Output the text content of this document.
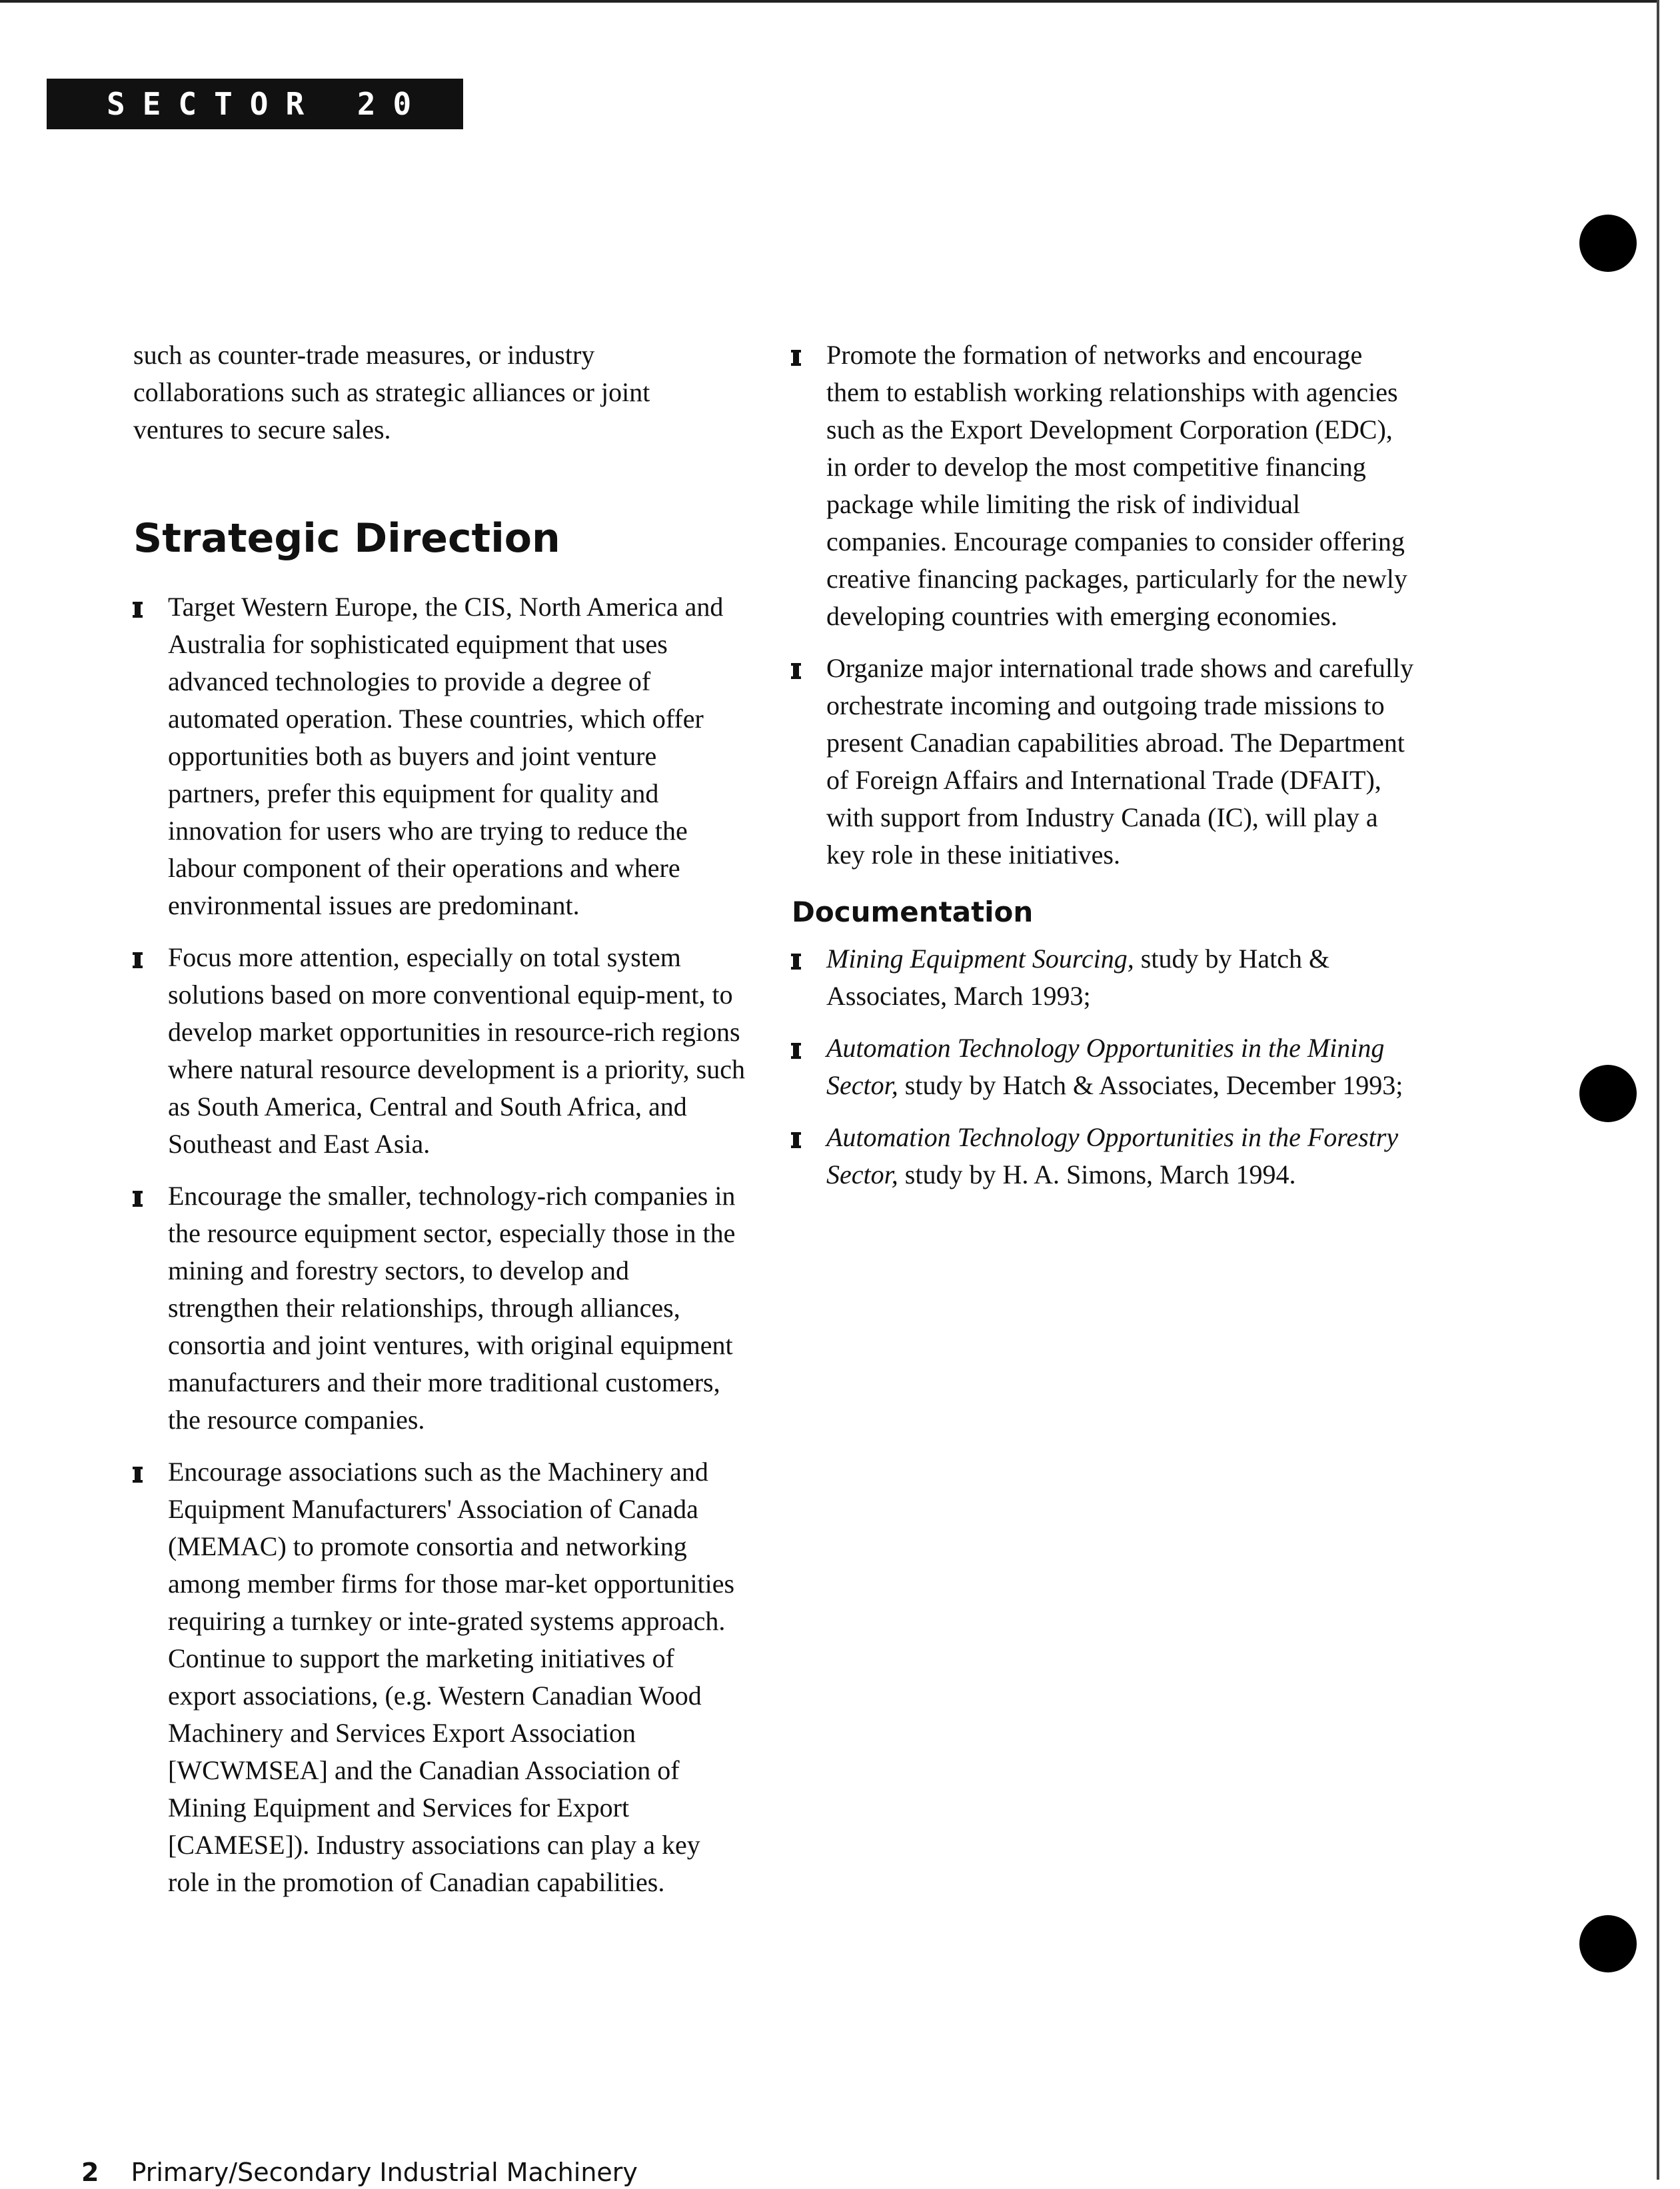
SECTOR 20

such as counter-trade measures, or industry collaborations such as strategic alliances or joint ventures to secure sales.

Strategic Direction
Target Western Europe, the CIS, North America and Australia for sophisticated equipment that uses advanced technologies to provide a degree of automated operation. These countries, which offer opportunities both as buyers and joint venture partners, prefer this equipment for quality and innovation for users who are trying to reduce the labour component of their operations and where environmental issues are predominant.
Focus more attention, especially on total system solutions based on more conventional equip-ment, to develop market opportunities in resource-rich regions where natural resource development is a priority, such as South America, Central and South Africa, and Southeast and East Asia.
Encourage the smaller, technology-rich companies in the resource equipment sector, especially those in the mining and forestry sectors, to develop and strengthen their relationships, through alliances, consortia and joint ventures, with original equipment manufacturers and their more traditional customers, the resource companies.
Encourage associations such as the Machinery and Equipment Manufacturers' Association of Canada (MEMAC) to promote consortia and networking among member firms for those mar-ket opportunities requiring a turnkey or inte-grated systems approach. Continue to support the marketing initiatives of export associations, (e.g. Western Canadian Wood Machinery and Services Export Association [WCWMSEA] and the Canadian Association of Mining Equipment and Services for Export [CAMESE]). Industry associations can play a key role in the promotion of Canadian capabilities.
Promote the formation of networks and encourage them to establish working relationships with agencies such as the Export Development Corporation (EDC), in order to develop the most competitive financing package while limiting the risk of individual companies. Encourage companies to consider offering creative financing packages, particularly for the newly developing countries with emerging economies.
Organize major international trade shows and carefully orchestrate incoming and outgoing trade missions to present Canadian capabilities abroad. The Department of Foreign Affairs and International Trade (DFAIT), with support from Industry Canada (IC), will play a key role in these initiatives.
Documentation
Mining Equipment Sourcing, study by Hatch & Associates, March 1993;
Automation Technology Opportunities in the Mining Sector, study by Hatch & Associates, December 1993;
Automation Technology Opportunities in the Forestry Sector, study by H. A. Simons, March 1994.
2 Primary/Secondary Industrial Machinery
